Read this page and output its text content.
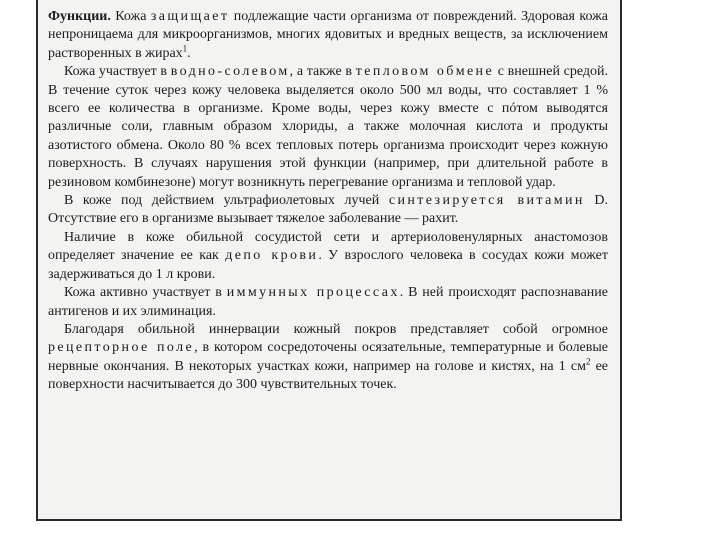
Функции. Кожа защищает подлежащие части организма от повреждений. Здоровая кожа непроницаема для микроорганизмов, многих ядовитых и вредных веществ, за исключением растворенных в жирах$^1$.

Кожа участвует в водно-солевом, а также в тепловом обмене с внешней средой. В течение суток через кожу человека выделяется около 500 мл воды, что составляет 1 % всего ее количества в организме. Кроме воды, через кожу вместе с пóтом выводятся различные соли, главным образом хлориды, а также молочная кислота и продукты азотистого обмена. Около 80 % всех тепловых потерь организма происходит через кожную поверхность. В случаях нарушения этой функции (например, при длительной работе в резиновом комбинезоне) могут возникнуть перегревание организма и тепловой удар.

В коже под действием ультрафиолетовых лучей синтезируется витамин D. Отсутствие его в организме вызывает тяжелое заболевание — рахит.

Наличие в коже обильной сосудистой сети и артериоловенулярных анастомозов определяет значение ее как депо крови. У взрослого человека в сосудах кожи может задерживаться до 1 л крови.

Кожа активно участвует в иммунных процессах. В ней происходят распознавание антигенов и их элиминация.

Благодаря обильной иннервации кожный покров представляет собой огромное рецепторное поле, в котором сосредоточены осязательные, температурные и болевые нервные окончания. В некоторых участках кожи, например на голове и кистях, на 1 $см^2$ ее поверхности насчитывается до 300 чувствительных точек.
